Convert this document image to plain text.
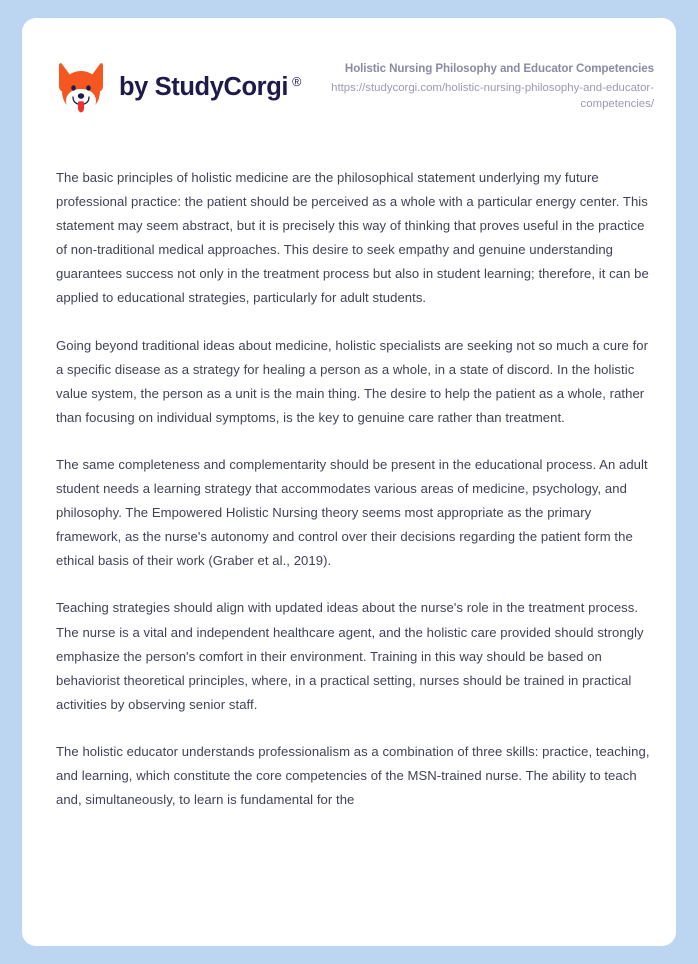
by StudyCorgi ®
Holistic Nursing Philosophy and Educator Competencies
https://studycorgi.com/holistic-nursing-philosophy-and-educator-competencies/

The basic principles of holistic medicine are the philosophical statement underlying my future professional practice: the patient should be perceived as a whole with a particular energy center. This statement may seem abstract, but it is precisely this way of thinking that proves useful in the practice of non-traditional medical approaches. This desire to seek empathy and genuine understanding guarantees success not only in the treatment process but also in student learning; therefore, it can be applied to educational strategies, particularly for adult students.

Going beyond traditional ideas about medicine, holistic specialists are seeking not so much a cure for a specific disease as a strategy for healing a person as a whole, in a state of discord. In the holistic value system, the person as a unit is the main thing. The desire to help the patient as a whole, rather than focusing on individual symptoms, is the key to genuine care rather than treatment.

The same completeness and complementarity should be present in the educational process. An adult student needs a learning strategy that accommodates various areas of medicine, psychology, and philosophy. The Empowered Holistic Nursing theory seems most appropriate as the primary framework, as the nurse's autonomy and control over their decisions regarding the patient form the ethical basis of their work (Graber et al., 2019).

Teaching strategies should align with updated ideas about the nurse's role in the treatment process. The nurse is a vital and independent healthcare agent, and the holistic care provided should strongly emphasize the person's comfort in their environment. Training in this way should be based on behaviorist theoretical principles, where, in a practical setting, nurses should be trained in practical activities by observing senior staff.

The holistic educator understands professionalism as a combination of three skills: practice, teaching, and learning, which constitute the core competencies of the MSN-trained nurse. The ability to teach and, simultaneously, to learn is fundamental for the
